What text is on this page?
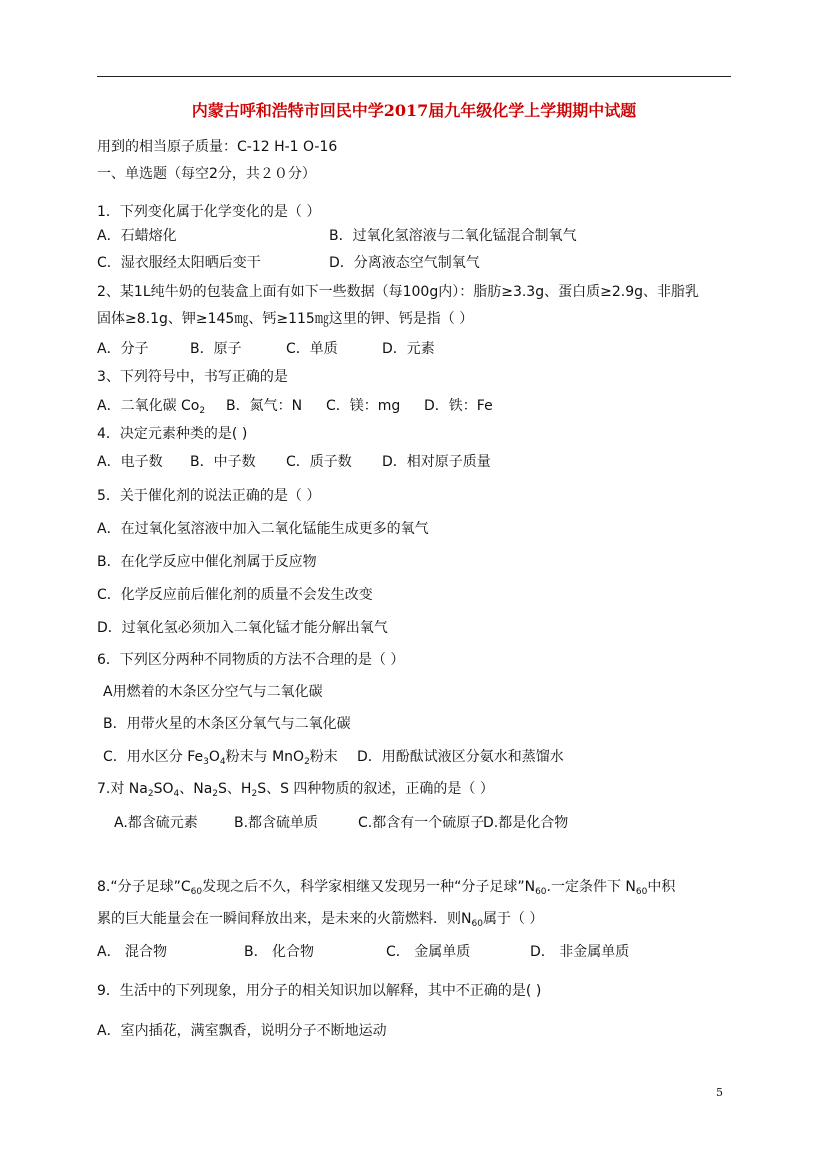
内蒙古呼和浩特市回民中学2017届九年级化学上学期期中试题
用到的相当原子质量：C-12 H-1 O-16
一、单选题（每空2分，共２０分）
1．下列变化属于化学变化的是（ ）
A．石蜡熔化	B．过氧化氢溶液与二氧化锰混合制氧气
C．湿衣服经太阳晒后变干	D．分离液态空气制氧气
2、某1L纯牛奶的包装盒上面有如下一些数据（每100g内）：脂肪≥3.3g、蛋白质≥2.9g、非脂乳
固体≥8.1g、钾≥145㎎、钙≥115㎎这里的钾、钙是指（ ）
A．分子	B．原子	C．单质	D．元素
3、下列符号中，书写正确的是
A．二氧化碳 $Co_2$ B．氮气：N C．镁：mg D．铁：Fe
4．决定元素种类的是( )
A．电子数 B．中子数 C．质子数 D．相对原子质量
5．关于催化剂的说法正确的是（ ）
A．在过氧化氢溶液中加入二氧化锰能生成更多的氧气
B．在化学反应中催化剂属于反应物
C．化学反应前后催化剂的质量不会发生改变
D．过氧化氢必须加入二氧化锰才能分解出氧气
6．下列区分两种不同物质的方法不合理的是（ ）
A用燃着的木条区分空气与二氧化碳
B．用带火星的木条区分氧气与二氧化碳
C．用水区分 $Fe_3O_4$粉末与 MnO$_2$粉末 D．用酚酞试液区分氨水和蒸馏水
7.对 $Na_2SO_4$、$Na_2S$、$H_2S$、S 四种物质的叙述，正确的是（ ）
A.都含硫元素	B.都含硫单质	C.都含有一个硫原子
D.都是化合物
8.“分子足球$”C_{60}$发现之后不久，科学家相继又发现另一种“分子足球$”N_{60}$.一定条件下 $N_{60}$中积
累的巨大能量会在一瞬间释放出来，是未来的火箭燃料．则$N_{60}$属于（ ）
A． 混合物	B． 化合物	C． 金属单质	D． 非金属单质
9．生活中的下列现象，用分子的相关知识加以解释，其中不正确的是( )
A．室内插花，满室飘香，说明分子不断地运动
5
